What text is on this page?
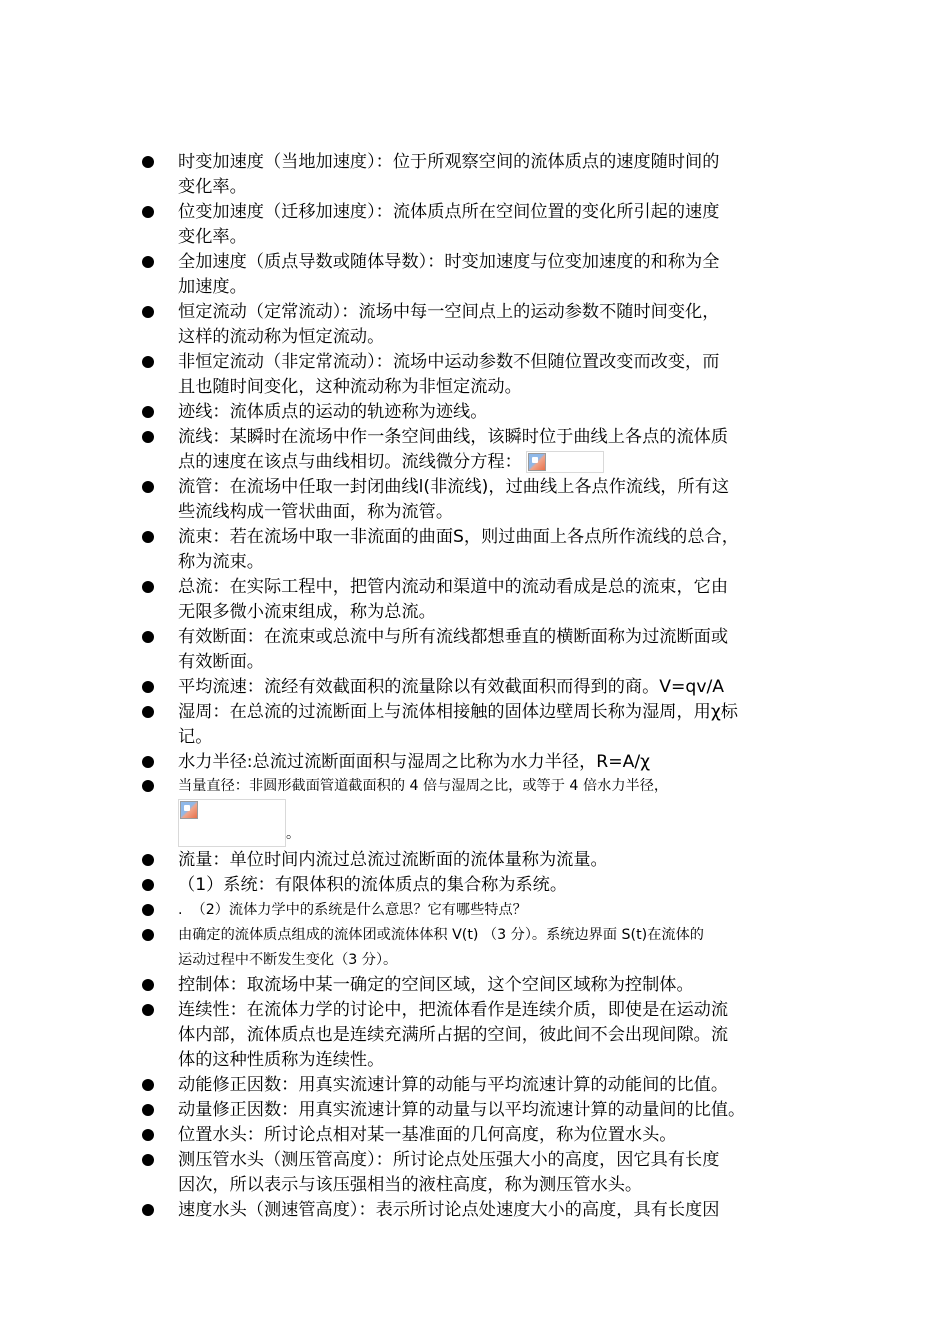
时变加速度（当地加速度）：位于所观察空间的流体质点的速度随时间的
变化率。
位变加速度（迁移加速度）：流体质点所在空间位置的变化所引起的速度
变化率。
全加速度（质点导数或随体导数）：时变加速度与位变加速度的和称为全
加速度。
恒定流动（定常流动）：流场中每一空间点上的运动参数不随时间变化，
这样的流动称为恒定流动。
非恒定流动（非定常流动）：流场中运动参数不但随位置改变而改变，而
且也随时间变化，这种流动称为非恒定流动。
迹线：流体质点的运动的轨迹称为迹线。
流线：某瞬时在流场中作一条空间曲线，该瞬时位于曲线上各点的流体质
点的速度在该点与曲线相切。流线微分方程：
流管：在流场中任取一封闭曲线l(非流线)，过曲线上各点作流线，所有这
些流线构成一管状曲面，称为流管。
流束：若在流场中取一非流面的曲面S，则过曲面上各点所作流线的总合，
称为流束。
总流：在实际工程中，把管内流动和渠道中的流动看成是总的流束，它由
无限多微小流束组成，称为总流。
有效断面：在流束或总流中与所有流线都想垂直的横断面称为过流断面或
有效断面。
平均流速：流经有效截面积的流量除以有效截面积而得到的商。V=qv/A
湿周：在总流的过流断面上与流体相接触的固体边壁周长称为湿周，用χ标
记。
水力半径:总流过流断面面积与湿周之比称为水力半径，R=A/χ
当量直径：非圆形截面管道截面积的 4 倍与湿周之比，或等于 4 倍水力半径，

。
流量：单位时间内流过总流过流断面的流体量称为流量。
（1）系统：有限体积的流体质点的集合称为系统。
.  （2）流体力学中的系统是什么意思？它有哪些特点？
由确定的流体质点组成的流体团或流体体积 V(t) （3 分）。系统边界面 S(t)在流体的
运动过程中不断发生变化（3 分）。
控制体：取流场中某一确定的空间区域，这个空间区域称为控制体。
连续性：在流体力学的讨论中，把流体看作是连续介质，即使是在运动流
体内部，流体质点也是连续充满所占据的空间，彼此间不会出现间隙。流
体的这种性质称为连续性。
动能修正因数：用真实流速计算的动能与平均流速计算的动能间的比值。
动量修正因数：用真实流速计算的动量与以平均流速计算的动量间的比值。
位置水头：所讨论点相对某一基准面的几何高度，称为位置水头。
测压管水头（测压管高度）：所讨论点处压强大小的高度，因它具有长度
因次，所以表示与该压强相当的液柱高度，称为测压管水头。
速度水头（测速管高度）：表示所讨论点处速度大小的高度，具有长度因
